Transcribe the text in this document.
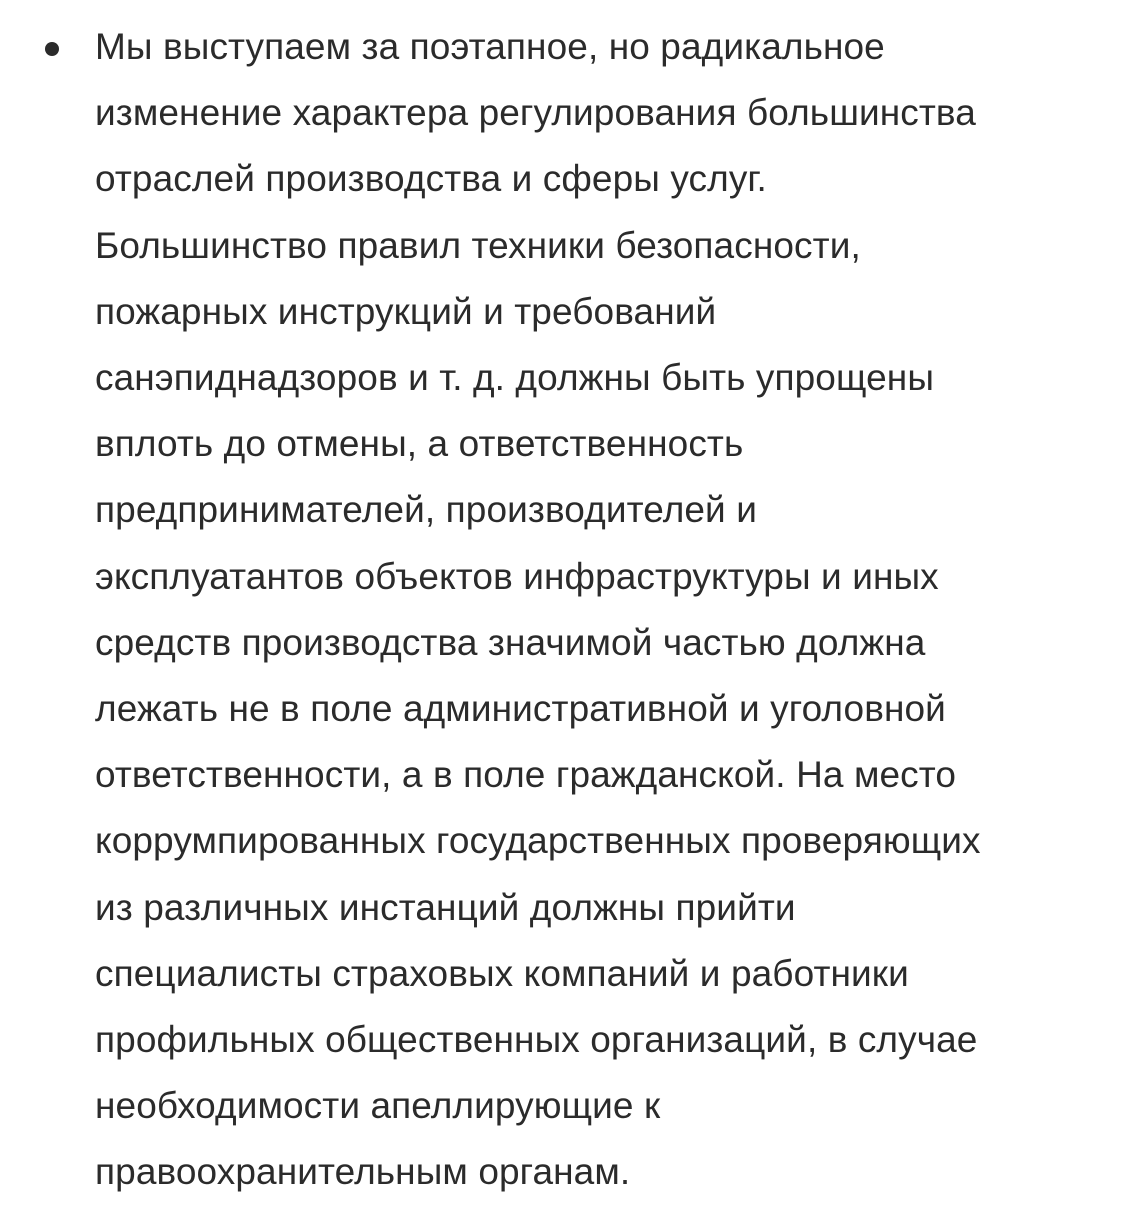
Мы выступаем за поэтапное, но радикальное
изменение характера регулирования большинства
отраслей производства и сферы услуг.
Большинство правил техники безопасности,
пожарных инструкций и требований
санэпиднадзоров и т. д. должны быть упрощены
вплоть до отмены, а ответственность
предпринимателей, производителей и
эксплуатантов объектов инфраструктуры и иных
средств производства значимой частью должна
лежать не в поле административной и уголовной
ответственности, а в поле гражданской. На место
коррумпированных государственных проверяющих
из различных инстанций должны прийти
специалисты страховых компаний и работники
профильных общественных организаций, в случае
необходимости апеллирующие к
правоохранительным органам.
